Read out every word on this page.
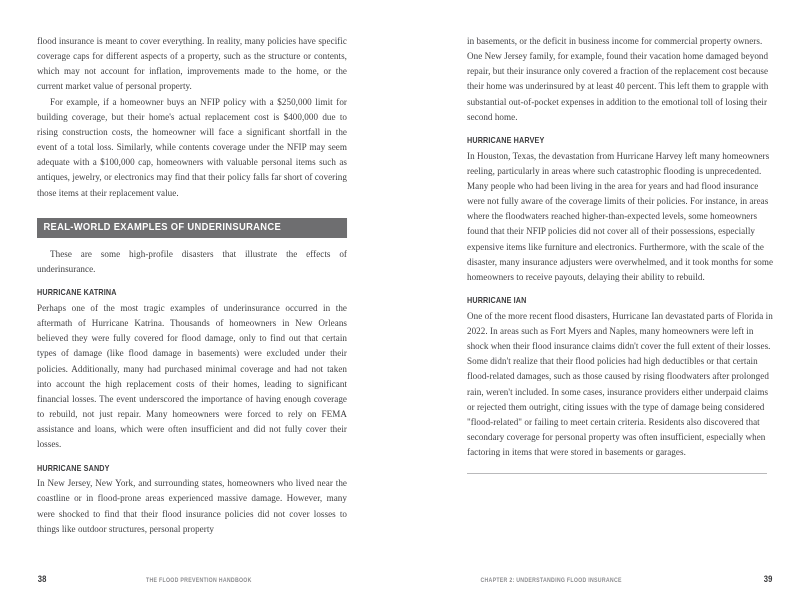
flood insurance is meant to cover everything. In reality, many policies have specific coverage caps for different aspects of a property, such as the structure or contents, which may not account for inflation, improvements made to the home, or the current market value of personal property.

For example, if a homeowner buys an NFIP policy with a $250,000 limit for building coverage, but their home's actual replacement cost is $400,000 due to rising construction costs, the homeowner will face a significant shortfall in the event of a total loss. Similarly, while contents coverage under the NFIP may seem adequate with a $100,000 cap, homeowners with valuable personal items such as antiques, jewelry, or electronics may find that their policy falls far short of covering those items at their replacement value.

REAL-WORLD EXAMPLES OF UNDERINSURANCE

These are some high-profile disasters that illustrate the effects of underinsurance.

HURRICANE KATRINA

Perhaps one of the most tragic examples of underinsurance occurred in the aftermath of Hurricane Katrina. Thousands of homeowners in New Orleans believed they were fully covered for flood damage, only to find out that certain types of damage (like flood damage in basements) were excluded under their policies. Additionally, many had purchased minimal coverage and had not taken into account the high replacement costs of their homes, leading to significant financial losses. The event underscored the importance of having enough coverage to rebuild, not just repair. Many homeowners were forced to rely on FEMA assistance and loans, which were often insufficient and did not fully cover their losses.

HURRICANE SANDY

In New Jersey, New York, and surrounding states, homeowners who lived near the coastline or in flood-prone areas experienced massive damage. However, many were shocked to find that their flood insurance policies did not cover losses to things like outdoor structures, personal property

38	THE FLOOD PREVENTION HANDBOOK

in basements, or the deficit in business income for commercial property owners. One New Jersey family, for example, found their vacation home damaged beyond repair, but their insurance only covered a fraction of the replacement cost because their home was underinsured by at least 40 percent. This left them to grapple with substantial out-of-pocket expenses in addition to the emotional toll of losing their second home.

HURRICANE HARVEY

In Houston, Texas, the devastation from Hurricane Harvey left many homeowners reeling, particularly in areas where such catastrophic flooding is unprecedented. Many people who had been living in the area for years and had flood insurance were not fully aware of the coverage limits of their policies. For instance, in areas where the floodwaters reached higher-than-expected levels, some homeowners found that their NFIP policies did not cover all of their possessions, especially expensive items like furniture and electronics. Furthermore, with the scale of the disaster, many insurance adjusters were overwhelmed, and it took months for some homeowners to receive payouts, delaying their ability to rebuild.

HURRICANE IAN

One of the more recent flood disasters, Hurricane Ian devastated parts of Florida in 2022. In areas such as Fort Myers and Naples, many homeowners were left in shock when their flood insurance claims didn't cover the full extent of their losses. Some didn't realize that their flood policies had high deductibles or that certain flood-related damages, such as those caused by rising floodwaters after prolonged rain, weren't included. In some cases, insurance providers either underpaid claims or rejected them outright, citing issues with the type of damage being considered "flood-related" or failing to meet certain criteria. Residents also discovered that secondary coverage for personal property was often insufficient, especially when factoring in items that were stored in basements or garages.

CHAPTER 2: UNDERSTANDING FLOOD INSURANCE	39
